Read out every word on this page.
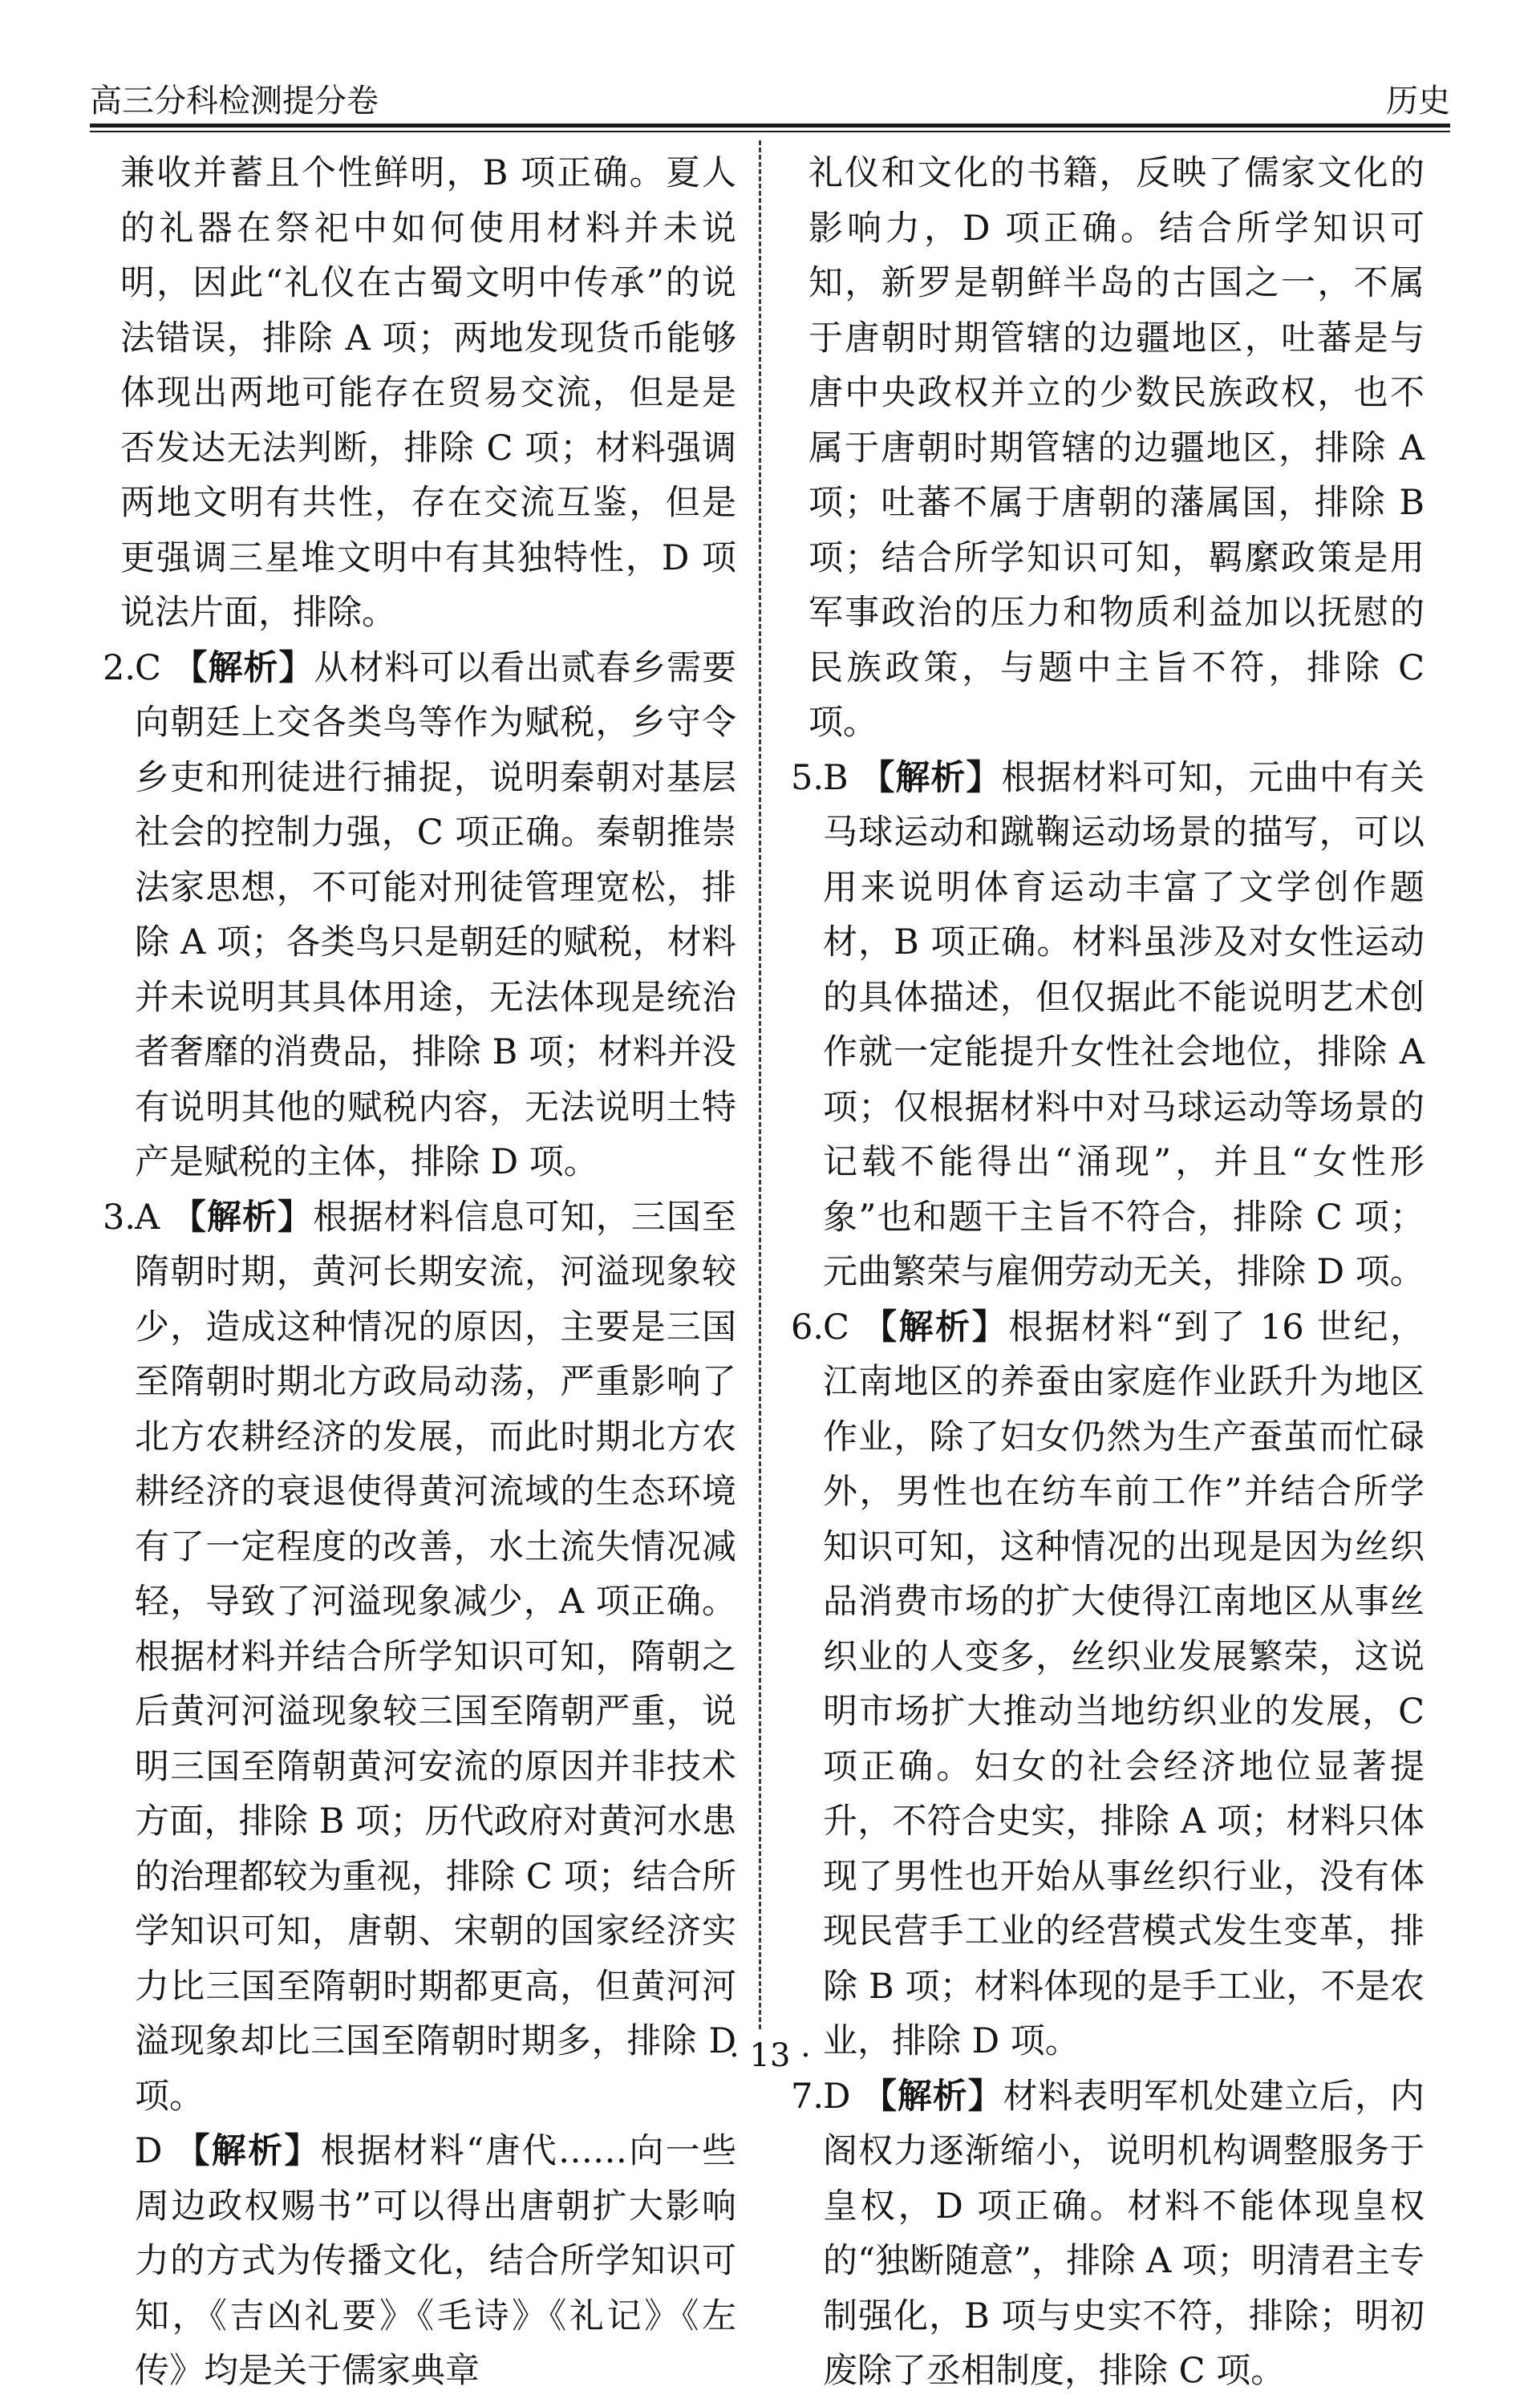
高三分科检测提分卷	历史

兼收并蓄且个性鲜明，B 项正确。夏人的礼器在祭祀中如何使用材料并未说明，因此“礼仪在古蜀文明中传承”的说法错误，排除 A 项；两地发现货币能够体现出两地可能存在贸易交流，但是是否发达无法判断，排除 C 项；材料强调两地文明有共性，存在交流互鉴，但是更强调三星堆文明中有其独特性，D 项说法片面，排除。

2.
C 【解析】从材料可以看出贰春乡需要向朝廷上交各类鸟等作为赋税，乡守令乡吏和刑徒进行捕捉，说明秦朝对基层社会的控制力强，C 项正确。秦朝推崇法家思想，不可能对刑徒管理宽松，排除 A 项；各类鸟只是朝廷的赋税，材料并未说明其具体用途，无法体现是统治者奢靡的消费品，排除 B 项；材料并没有说明其他的赋税内容，无法说明土特产是赋税的主体，排除 D 项。
3.
A 【解析】根据材料信息可知，三国至隋朝时期，黄河长期安流，河溢现象较少，造成这种情况的原因，主要是三国至隋朝时期北方政局动荡，严重影响了北方农耕经济的发展，而此时期北方农耕经济的衰退使得黄河流域的生态环境有了一定程度的改善，水土流失情况减轻，导致了河溢现象减少，A 项正确。根据材料并结合所学知识可知，隋朝之后黄河河溢现象较三国至隋朝严重，说明三国至隋朝黄河安流的原因并非技术方面，排除 B 项；历代政府对黄河水患的治理都较为重视，排除 C 项；结合所学知识可知，唐朝、宋朝的国家经济实力比三国至隋朝时期都更高，但黄河河溢现象却比三国至隋朝时期多，排除 D 项。
D 【解析】根据材料“唐代……向一些周边政权赐书”可以得出唐朝扩大影响力的方式为传播文化，结合所学知识可知，《吉凶礼要》《毛诗》《礼记》《左传》均是关于儒家典章

礼仪和文化的书籍，反映了儒家文化的影响力，D 项正确。结合所学知识可知，新罗是朝鲜半岛的古国之一，不属于唐朝时期管辖的边疆地区，吐蕃是与唐中央政权并立的少数民族政权，也不属于唐朝时期管辖的边疆地区，排除 A 项；吐蕃不属于唐朝的藩属国，排除 B 项；结合所学知识可知，羁縻政策是用军事政治的压力和物质利益加以抚慰的民族政策，与题中主旨不符，排除 C 项。

5.
B 【解析】根据材料可知，元曲中有关马球运动和蹴鞠运动场景的描写，可以用来说明体育运动丰富了文学创作题材，B 项正确。材料虽涉及对女性运动的具体描述，但仅据此不能说明艺术创作就一定能提升女性社会地位，排除 A 项；仅根据材料中对马球运动等场景的记载不能得出“涌现”，并且“女性形象”也和题干主旨不符合，排除 C 项；元曲繁荣与雇佣劳动无关，排除 D 项。
6.
C 【解析】根据材料“到了 16 世纪，江南地区的养蚕由家庭作业跃升为地区作业，除了妇女仍然为生产蚕茧而忙碌外，男性也在纺车前工作”并结合所学知识可知，这种情况的出现是因为丝织品消费市场的扩大使得江南地区从事丝织业的人变多，丝织业发展繁荣，这说明市场扩大推动当地纺织业的发展，C 项正确。妇女的社会经济地位显著提升，不符合史实，排除 A 项；材料只体现了男性也开始从事丝织行业，没有体现民营手工业的经营模式发生变革，排除 B 项；材料体现的是手工业，不是农业，排除 D 项。
7.
D 【解析】材料表明军机处建立后，内阁权力逐渐缩小，说明机构调整服务于皇权，D 项正确。材料不能体现皇权的“独断随意”，排除 A 项；明清君主专制强化，B 项与史实不符，排除；明初废除了丞相制度，排除 C 项。
· 13 ·
